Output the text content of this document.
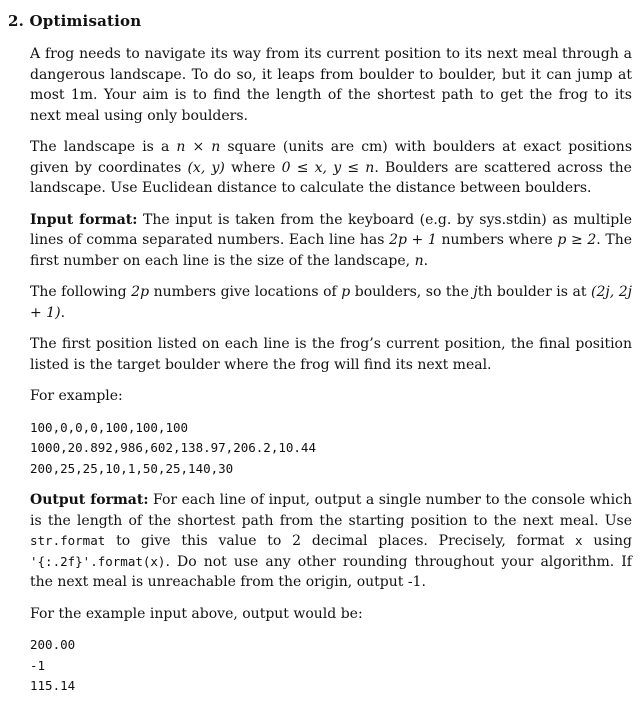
2. Optimisation

A frog needs to navigate its way from its current position to its next meal through a dangerous landscape. To do so, it leaps from boulder to boulder, but it can jump at most 1m. Your aim is to find the length of the shortest path to get the frog to its next meal using only boulders.

The landscape is a n × n square (units are cm) with boulders at exact positions given by coordinates (x, y) where 0 ≤ x, y ≤ n. Boulders are scattered across the landscape. Use Euclidean distance to calculate the distance between boulders.

Input format: The input is taken from the keyboard (e.g. by sys.stdin) as multiple lines of comma separated numbers. Each line has 2p + 1 numbers where p ≥ 2. The first number on each line is the size of the landscape, n.

The following 2p numbers give locations of p boulders, so the jth boulder is at (2j, 2j + 1).

The first position listed on each line is the frog’s current position, the final position listed is the target boulder where the frog will find its next meal.

For example:

100,0,0,0,100,100,100
1000,20.892,986,602,138.97,206.2,10.44
200,25,25,10,1,50,25,140,30

Output format: For each line of input, output a single number to the console which is the length of the shortest path from the starting position to the next meal. Use str.format to give this value to 2 decimal places. Precisely, format x using '{:.2f}'.format(x). Do not use any other rounding throughout your algorithm. If the next meal is unreachable from the origin, output -1.

For the example input above, output would be:

200.00
-1
115.14
